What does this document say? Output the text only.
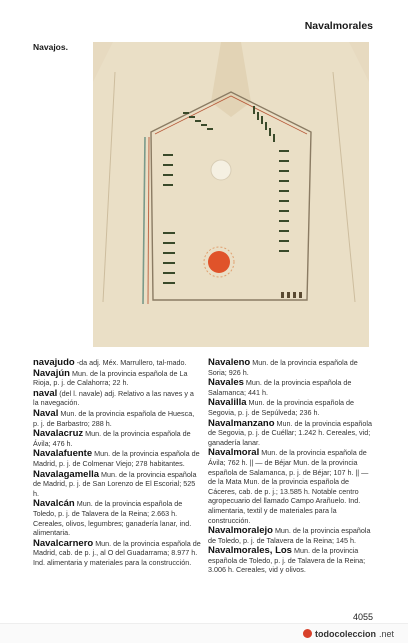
Navalmorales
Navajos.
navajudo -da adj. Méx. Marrullero, tal-mado.
Navajún Mun. de la provincia española de La Rioja, p. j. de Calahorra; 22 h.
naval (del l. navale) adj. Relativo a las naves y a la navegación.
Naval Mun. de la provincia española de Huesca, p. j. de Barbastro; 288 h.
Navalacruz Mun. de la provincia española de Ávila; 476 h.
Navalafuente Mun. de la provincia española de Madrid, p. j. de Colmenar Viejo; 278 habitantes.
Navalagamella Mun. de la provincia española de Madrid, p. j. de San Lorenzo de El Escorial; 525 h.
Navalcán Mun. de la provincia española de Toledo, p. j. de Talavera de la Reina; 2.663 h. Cereales, olivos, legumbres; ganadería lanar, ind. alimentaria.
Navalcarnero Mun. de la provincia española de Madrid, cab. de p. j., al O del Guadarrama; 8.977 h. Ind. alimentaria y materiales para la construcción.
Navaleno Mun. de la provincia española de Soria; 926 h.
Navales Mun. de la provincia española de Salamanca; 441 h.
Navalilla Mun. de la provincia española de Segovia, p. j. de Sepúlveda; 236 h.
Navalmanzano Mun. de la provincia española de Segovia, p. j. de Cuéllar; 1.242 h. Cereales, vid; ganadería lanar.
Navalmoral Mun. de la provincia española de Ávila; 762 h. || — de Béjar Mun. de la provincia española de Salamanca, p. j. de Béjar; 107 h. || — de la Mata Mun. de la provincia española de Cáceres, cab. de p. j.; 13.585 h. Notable centro agropecuario del llamado Campo Arañuelo. Ind. alimentaria, textil y de materiales para la construcción.
Navalmoralejo Mun. de la provincia española de Toledo, p. j. de Talavera de la Reina; 145 h.
Navalmorales, Los Mun. de la provincia española de Toledo, p. j. de Talavera de la Reina; 3.006 h. Cereales, vid y olivos.
4055
todocoleccion .net
